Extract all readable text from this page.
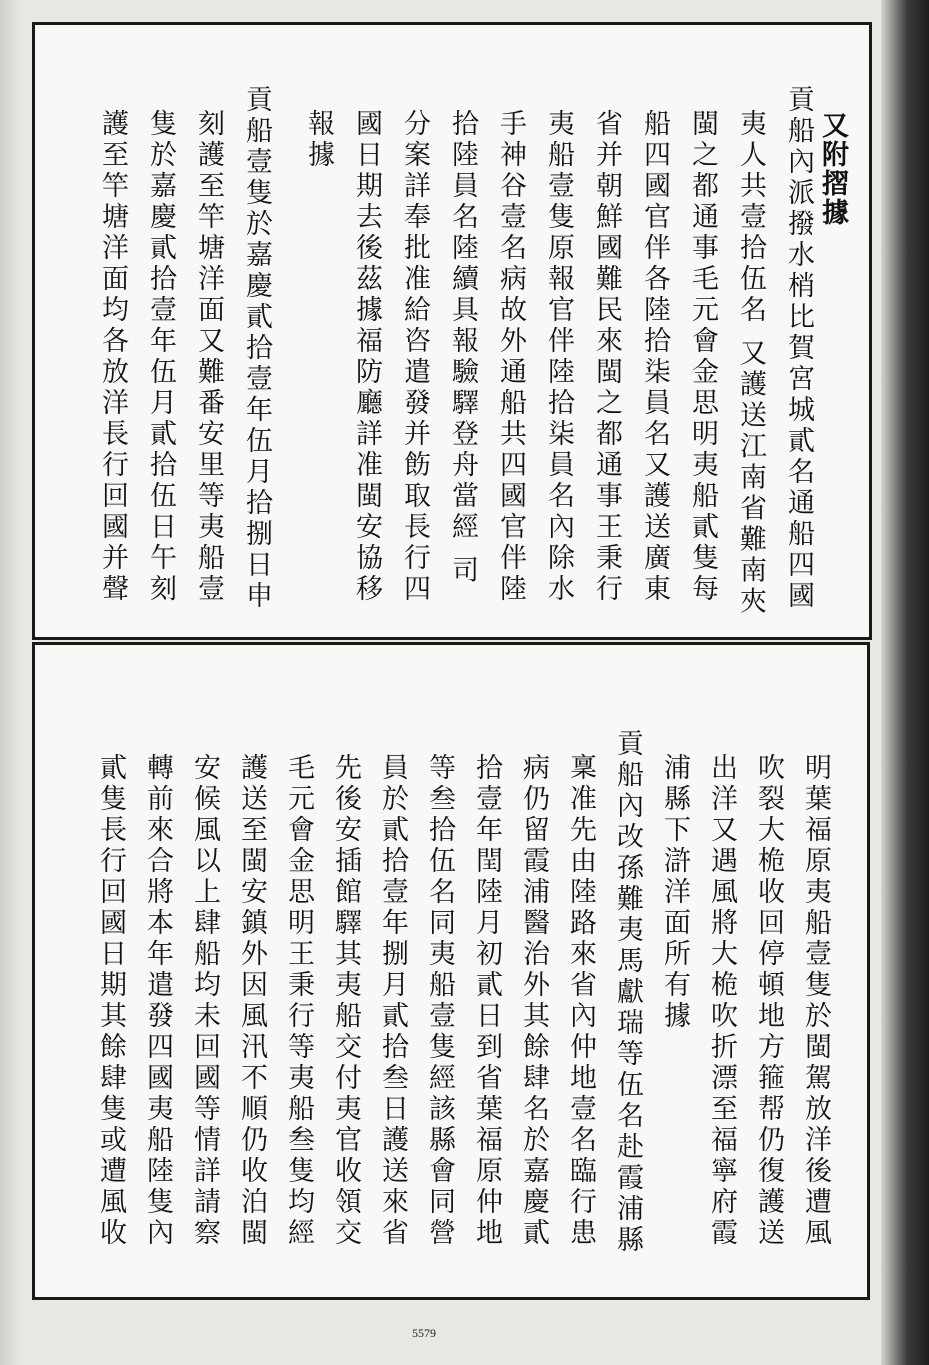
又附摺據
貢船內派撥水梢比賀宮城貳名通船四國
夷人共壹拾伍名 又護送江南省難南夾
閩之都通事毛元會金思明夷船貳隻每
船四國官伴各陸拾柒員名又護送廣東
省并朝鮮國難民來閩之都通事王秉行
夷船壹隻原報官伴陸拾柒員名內除水
手神谷壹名病故外通船共四國官伴陸
拾陸員名陸續具報驗驛登舟當經 司
分案詳奉批准給咨遣發并飭取長行四
國日期去後茲據福防廳詳准閩安協移
報據
貢船壹隻於嘉慶貳拾壹年伍月拾捌日申
刻護至竿塘洋面又難番安里等夷船壹
隻於嘉慶貳拾壹年伍月貳拾伍日午刻
護至竿塘洋面均各放洋長行回國并聲
明葉福原夷船壹隻於閩駕放洋後遭風
吹裂大桅收回停頓地方箍帮仍復護送
出洋又遇風將大桅吹折漂至福寧府霞
浦縣下滸洋面所有據
貢船內改孫難夷馬獻瑞等伍名赴霞浦縣
稟准先由陸路來省內仲地壹名臨行患
病仍留霞浦醫治外其餘肆名於嘉慶貳
拾壹年閏陸月初貳日到省葉福原仲地
等叁拾伍名同夷船壹隻經該縣會同營
員於貳拾壹年捌月貳拾叁日護送來省
先後安插館驛其夷船交付夷官收領交
毛元會金思明王秉行等夷船叁隻均經
護送至閩安鎮外因風汛不順仍收泊閩
安候風以上肆船均未回國等情詳請察
轉前來合將本年遣發四國夷船陸隻內
貳隻長行回國日期其餘肆隻或遭風收
5579
